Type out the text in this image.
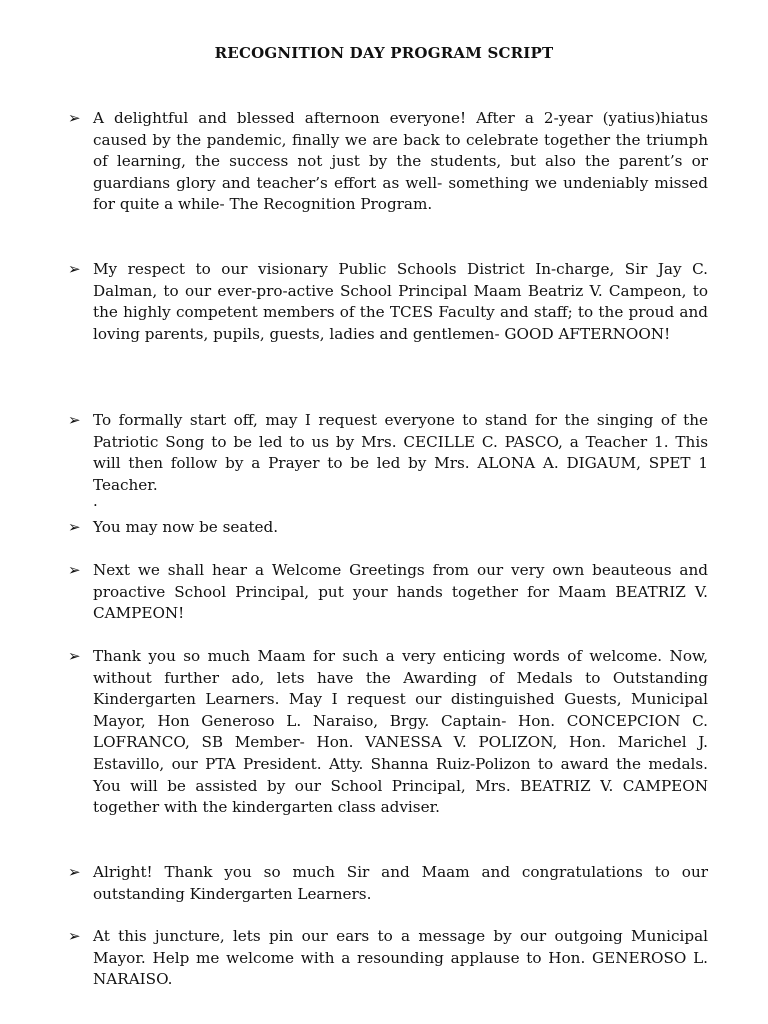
RECOGNITION DAY PROGRAM SCRIPT
➢ A delightful and blessed afternoon everyone! After a 2-year (yatius)hiatus caused by the pandemic, finally we are back to celebrate together the triumph of learning, the success not just by the students, but also the parent’s or guardians glory and teacher’s effort as well- something we undeniably missed for quite a while- The Recognition Program.
➢ My respect to our visionary Public Schools District In-charge, Sir Jay C. Dalman, to our ever-pro-active School Principal Maam Beatriz V. Campeon, to the highly competent members of the TCES Faculty and staff; to the proud and loving parents, pupils, guests, ladies and gentlemen- GOOD AFTERNOON!
➢ To formally start off, may I request everyone to stand for the singing of the Patriotic Song to be led to us by Mrs. CECILLE C. PASCO, a Teacher 1. This will then follow by a Prayer to be led by Mrs. ALONA A. DIGAUM, SPET 1 Teacher.
.
➢ You may now be seated.
➢ Next we shall hear a Welcome Greetings from our very own beauteous and proactive School Principal, put your hands together for Maam BEATRIZ V. CAMPEON!
➢ Thank you so much Maam for such a very enticing words of welcome. Now, without further ado, lets have the Awarding of Medals to Outstanding Kindergarten Learners. May I request our distinguished Guests, Municipal Mayor, Hon Generoso L. Naraiso, Brgy. Captain- Hon. CONCEPCION C. LOFRANCO, SB Member- Hon. VANESSA V. POLIZON, Hon. Marichel J. Estavillo, our PTA President. Atty. Shanna Ruiz-Polizon to award the medals. You will be assisted by our School Principal, Mrs. BEATRIZ V. CAMPEON together with the kindergarten class adviser.
➢ Alright! Thank you so much Sir and Maam and congratulations to our outstanding Kindergarten Learners.
➢ At this juncture, lets pin our ears to a message by our outgoing Municipal Mayor. Help me welcome with a resounding applause to Hon. GENEROSO L. NARAISO.
